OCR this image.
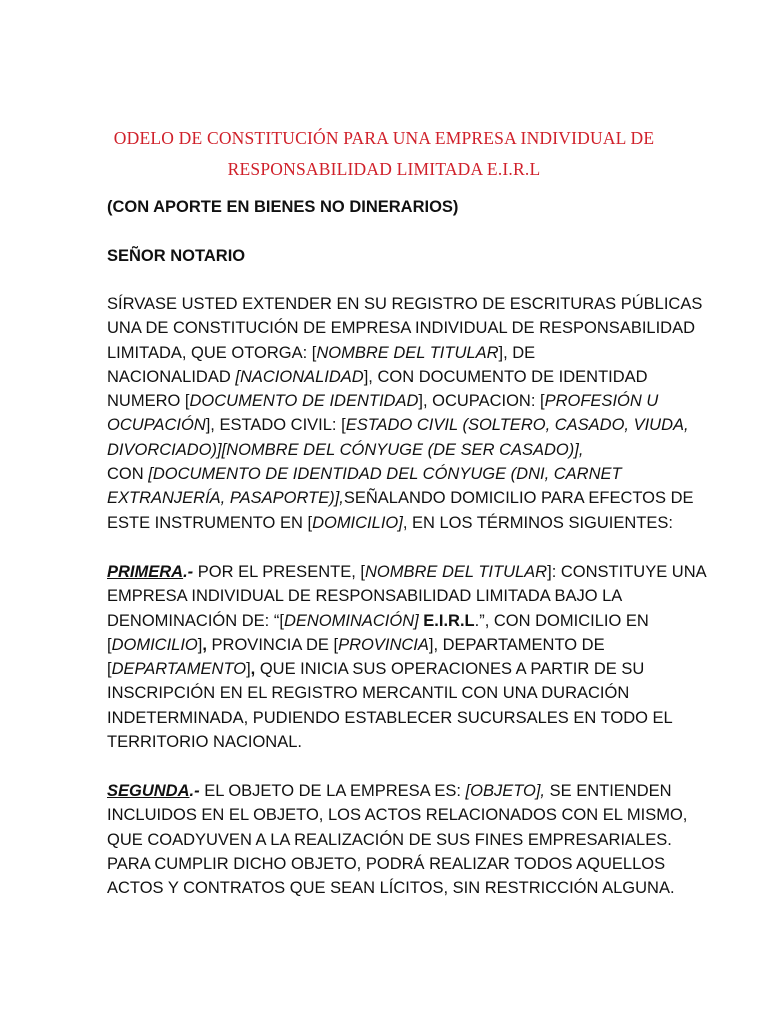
ODELO DE CONSTITUCIÓN PARA UNA EMPRESA INDIVIDUAL DE
RESPONSABILIDAD LIMITADA E.I.R.L
(CON APORTE EN BIENES NO DINERARIOS)
SEÑOR NOTARIO
SÍRVASE USTED EXTENDER EN SU REGISTRO DE ESCRITURAS PÚBLICAS
UNA DE CONSTITUCIÓN DE EMPRESA INDIVIDUAL DE RESPONSABILIDAD
LIMITADA, QUE OTORGA: [NOMBRE DEL TITULAR], DE
NACIONALIDAD [NACIONALIDAD], CON DOCUMENTO DE IDENTIDAD
NUMERO [DOCUMENTO DE IDENTIDAD], OCUPACION: [PROFESIÓN U
OCUPACIÓN], ESTADO CIVIL: [ESTADO CIVIL (SOLTERO, CASADO, VIUDA,
DIVORCIADO)][NOMBRE DEL CÓNYUGE (DE SER CASADO)],
CON [DOCUMENTO DE IDENTIDAD DEL CÓNYUGE (DNI, CARNET
EXTRANJERÍA, PASAPORTE)],SEÑALANDO DOMICILIO PARA EFECTOS DE
ESTE INSTRUMENTO EN [DOMICILIO], EN LOS TÉRMINOS SIGUIENTES:
PRIMERA.- POR EL PRESENTE, [NOMBRE DEL TITULAR]: CONSTITUYE UNA
EMPRESA INDIVIDUAL DE RESPONSABILIDAD LIMITADA BAJO LA
DENOMINACIÓN DE: “[DENOMINACIÓN] E.I.R.L.”, CON DOMICILIO EN
[DOMICILIO], PROVINCIA DE [PROVINCIA], DEPARTAMENTO DE
[DEPARTAMENTO], QUE INICIA SUS OPERACIONES A PARTIR DE SU
INSCRIPCIÓN EN EL REGISTRO MERCANTIL CON UNA DURACIÓN
INDETERMINADA, PUDIENDO ESTABLECER SUCURSALES EN TODO EL
TERRITORIO NACIONAL.
SEGUNDA.- EL OBJETO DE LA EMPRESA ES: [OBJETO], SE ENTIENDEN
INCLUIDOS EN EL OBJETO, LOS ACTOS RELACIONADOS CON EL MISMO,
QUE COADYUVEN A LA REALIZACIÓN DE SUS FINES EMPRESARIALES.
PARA CUMPLIR DICHO OBJETO, PODRÁ REALIZAR TODOS AQUELLOS
ACTOS Y CONTRATOS QUE SEAN LÍCITOS, SIN RESTRICCIÓN ALGUNA.
